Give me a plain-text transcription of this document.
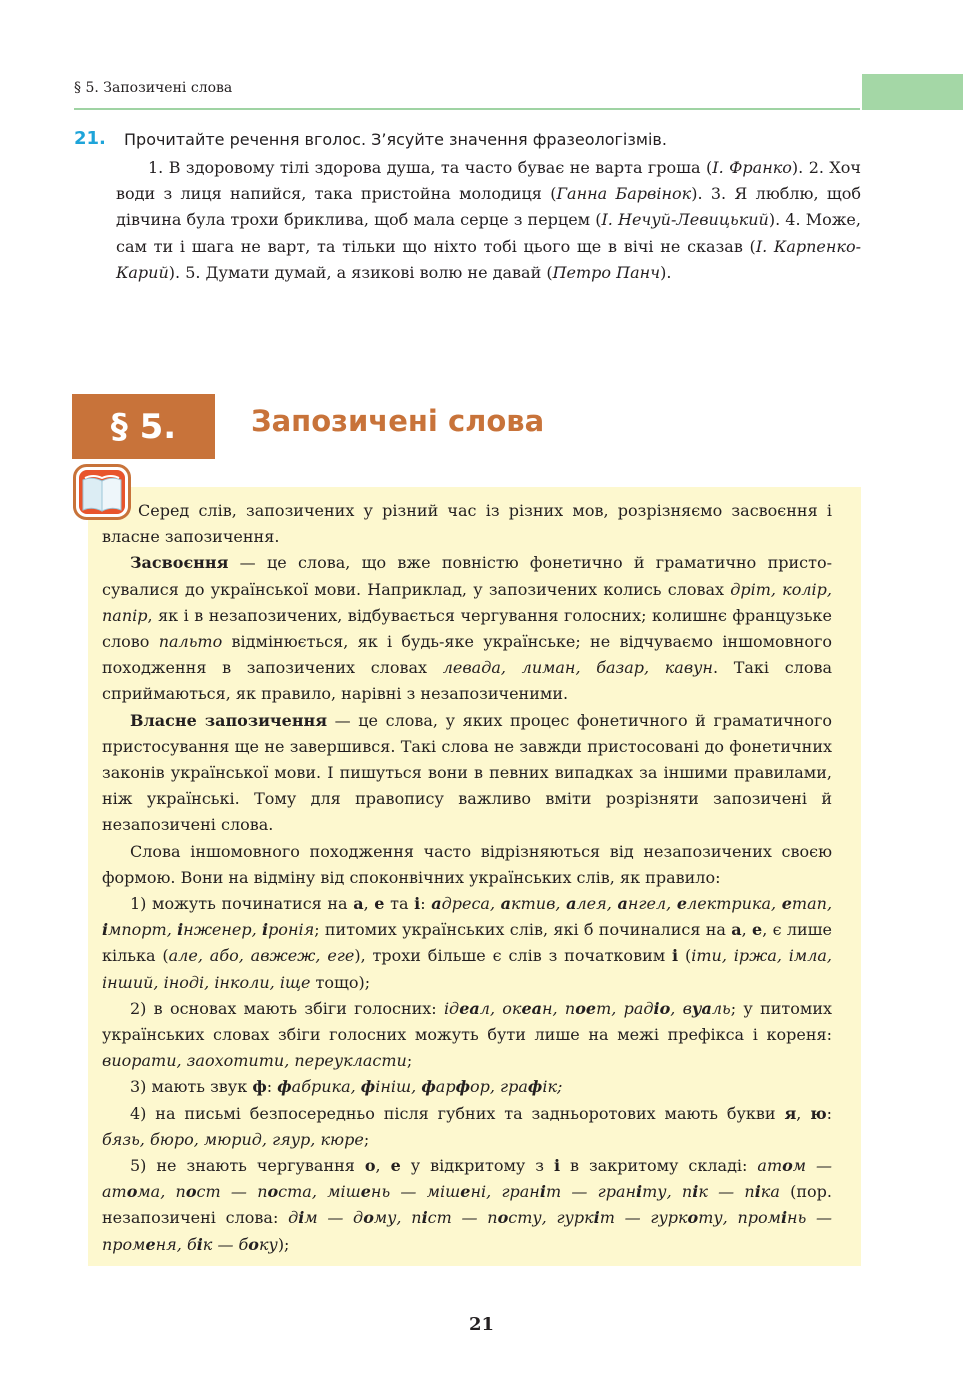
§ 5. Запозичені слова
21. Прочитайте речення вголос. З’ясуйте значення фразеологізмів.

1. В здоровому тілі здорова душа, та часто буває не варта гроша (І. Франко). 2. Хоч води з лиця напийся, така пристойна молодиця (Ганна Барвінок). 3. Я люблю, щоб дівчина була трохи бриклива, щоб мала серце з перцем (І. Нечуй-Левицький). 4. Може, сам ти і шага не варт, та тільки що ніхто тобі цього ще в вічі не сказав (І. Карпенко-Карий). 5. Думати думай, а язикові волю не давай (Петро Панч).

§ 5.	Запозичені слова

Серед слів, запозичених у різний час із різних мов, розрізняємо засвоєння і власне запозичення.

Засвоєння — це слова, що вже повністю фонетично й граматично пристосувалися до української мови. Наприклад, у запозичених колись словах дріт, колір, папір, як і в незапозичених, відбувається чергування голосних; колишнє французьке слово пальто відмінюється, як і будь-яке українське; не відчуваємо іншомовного походження в запозичених словах левада, лиман, базар, кавун. Такі слова сприймаються, як правило, нарівні з незапозиченими.

Власне запозичення — це слова, у яких процес фонетичного й граматичного пристосування ще не завершився. Такі слова не завжди пристосовані до фонетичних законів української мови. І пишуться вони в певних випадках за іншими правилами, ніж українські. Тому для правопису важливо вміти розрізняти запозичені й незапозичені слова.

Слова іншомовного походження часто відрізняються від незапозичених своєю формою. Вони на відміну від споконвічних українських слів, як правило:

1) можуть починатися на а, е та і: адреса, актив, алея, ангел, електрика, етап, імпорт, інженер, іронія; питомих українських слів, які б починалися на а, е, є лише кілька (але, або, авжеж, еге), трохи більше є слів з початковим і (іти, іржа, імла, інший, іноді, інколи, іще тощо);

2) в основах мають збіги голосних: ідеал, океан, поет, радіо, вуаль; у питомих українських словах збіги голосних можуть бути лише на межі префікса і кореня: виорати, заохотити, переукласти;

3) мають звук ф: фабрика, фініш, фарфор, графік;

4) на письмі безпосередньо після губних та задньоротових мають букви я, ю: бязь, бюро, мюрид, гяур, кюре;

5) не знають чергування о, е у відкритому з і в закритому складі: атом — атома, пост — поста, мішень — мішені, граніт — граніту, пік — піка (пор. незапозичені слова: дім — дому, піст — посту, гуркіт — гуркоту, промінь — променя, бік — боку);

21
